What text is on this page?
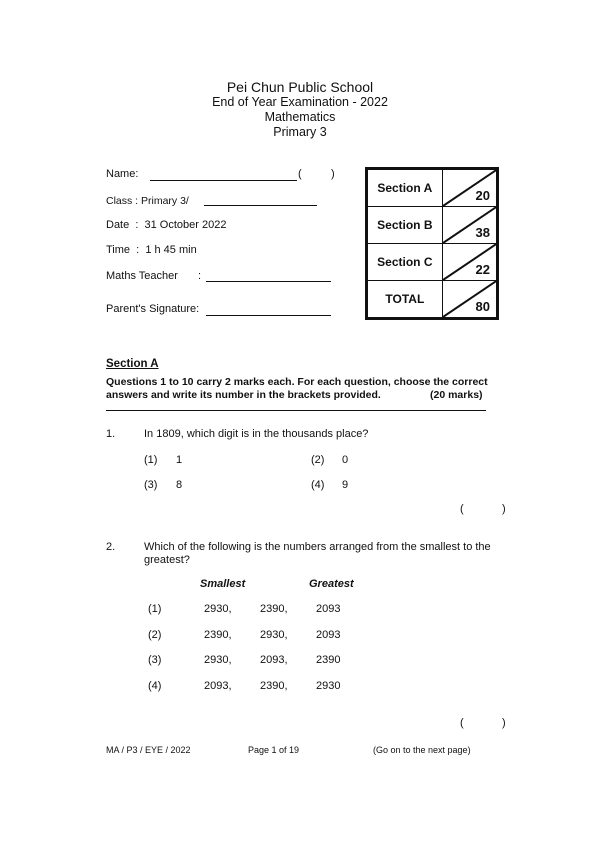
Pei Chun Public School
End of Year Examination - 2022
Mathematics
Primary 3
Name:	(	)
Class : Primary 3/
Date  :  31 October 2022
Time  :  1 h 45 min
Maths Teacher :
Parent's Signature:
Section A	20
Section B	38
Section C	22
TOTAL	80
Section A
Questions 1 to 10 carry 2 marks each. For each question, choose the correct
answers and write its number in the brackets provided.	(20 marks)
1.	In 1809, which digit is in the thousands place?
(1) 1	(2) 0
(3) 8	(4) 9
(	)
2.	Which of the following is the numbers arranged from the smallest to the
greatest?
Smallest	Greatest
(1)	2930,	2390,	2093
(2)	2390,	2930,	2093
(3)	2930,	2093,	2390
(4)	2093,	2390,	2930
(	)
MA / P3 / EYE / 2022	Page 1 of 19	(Go on to the next page)
